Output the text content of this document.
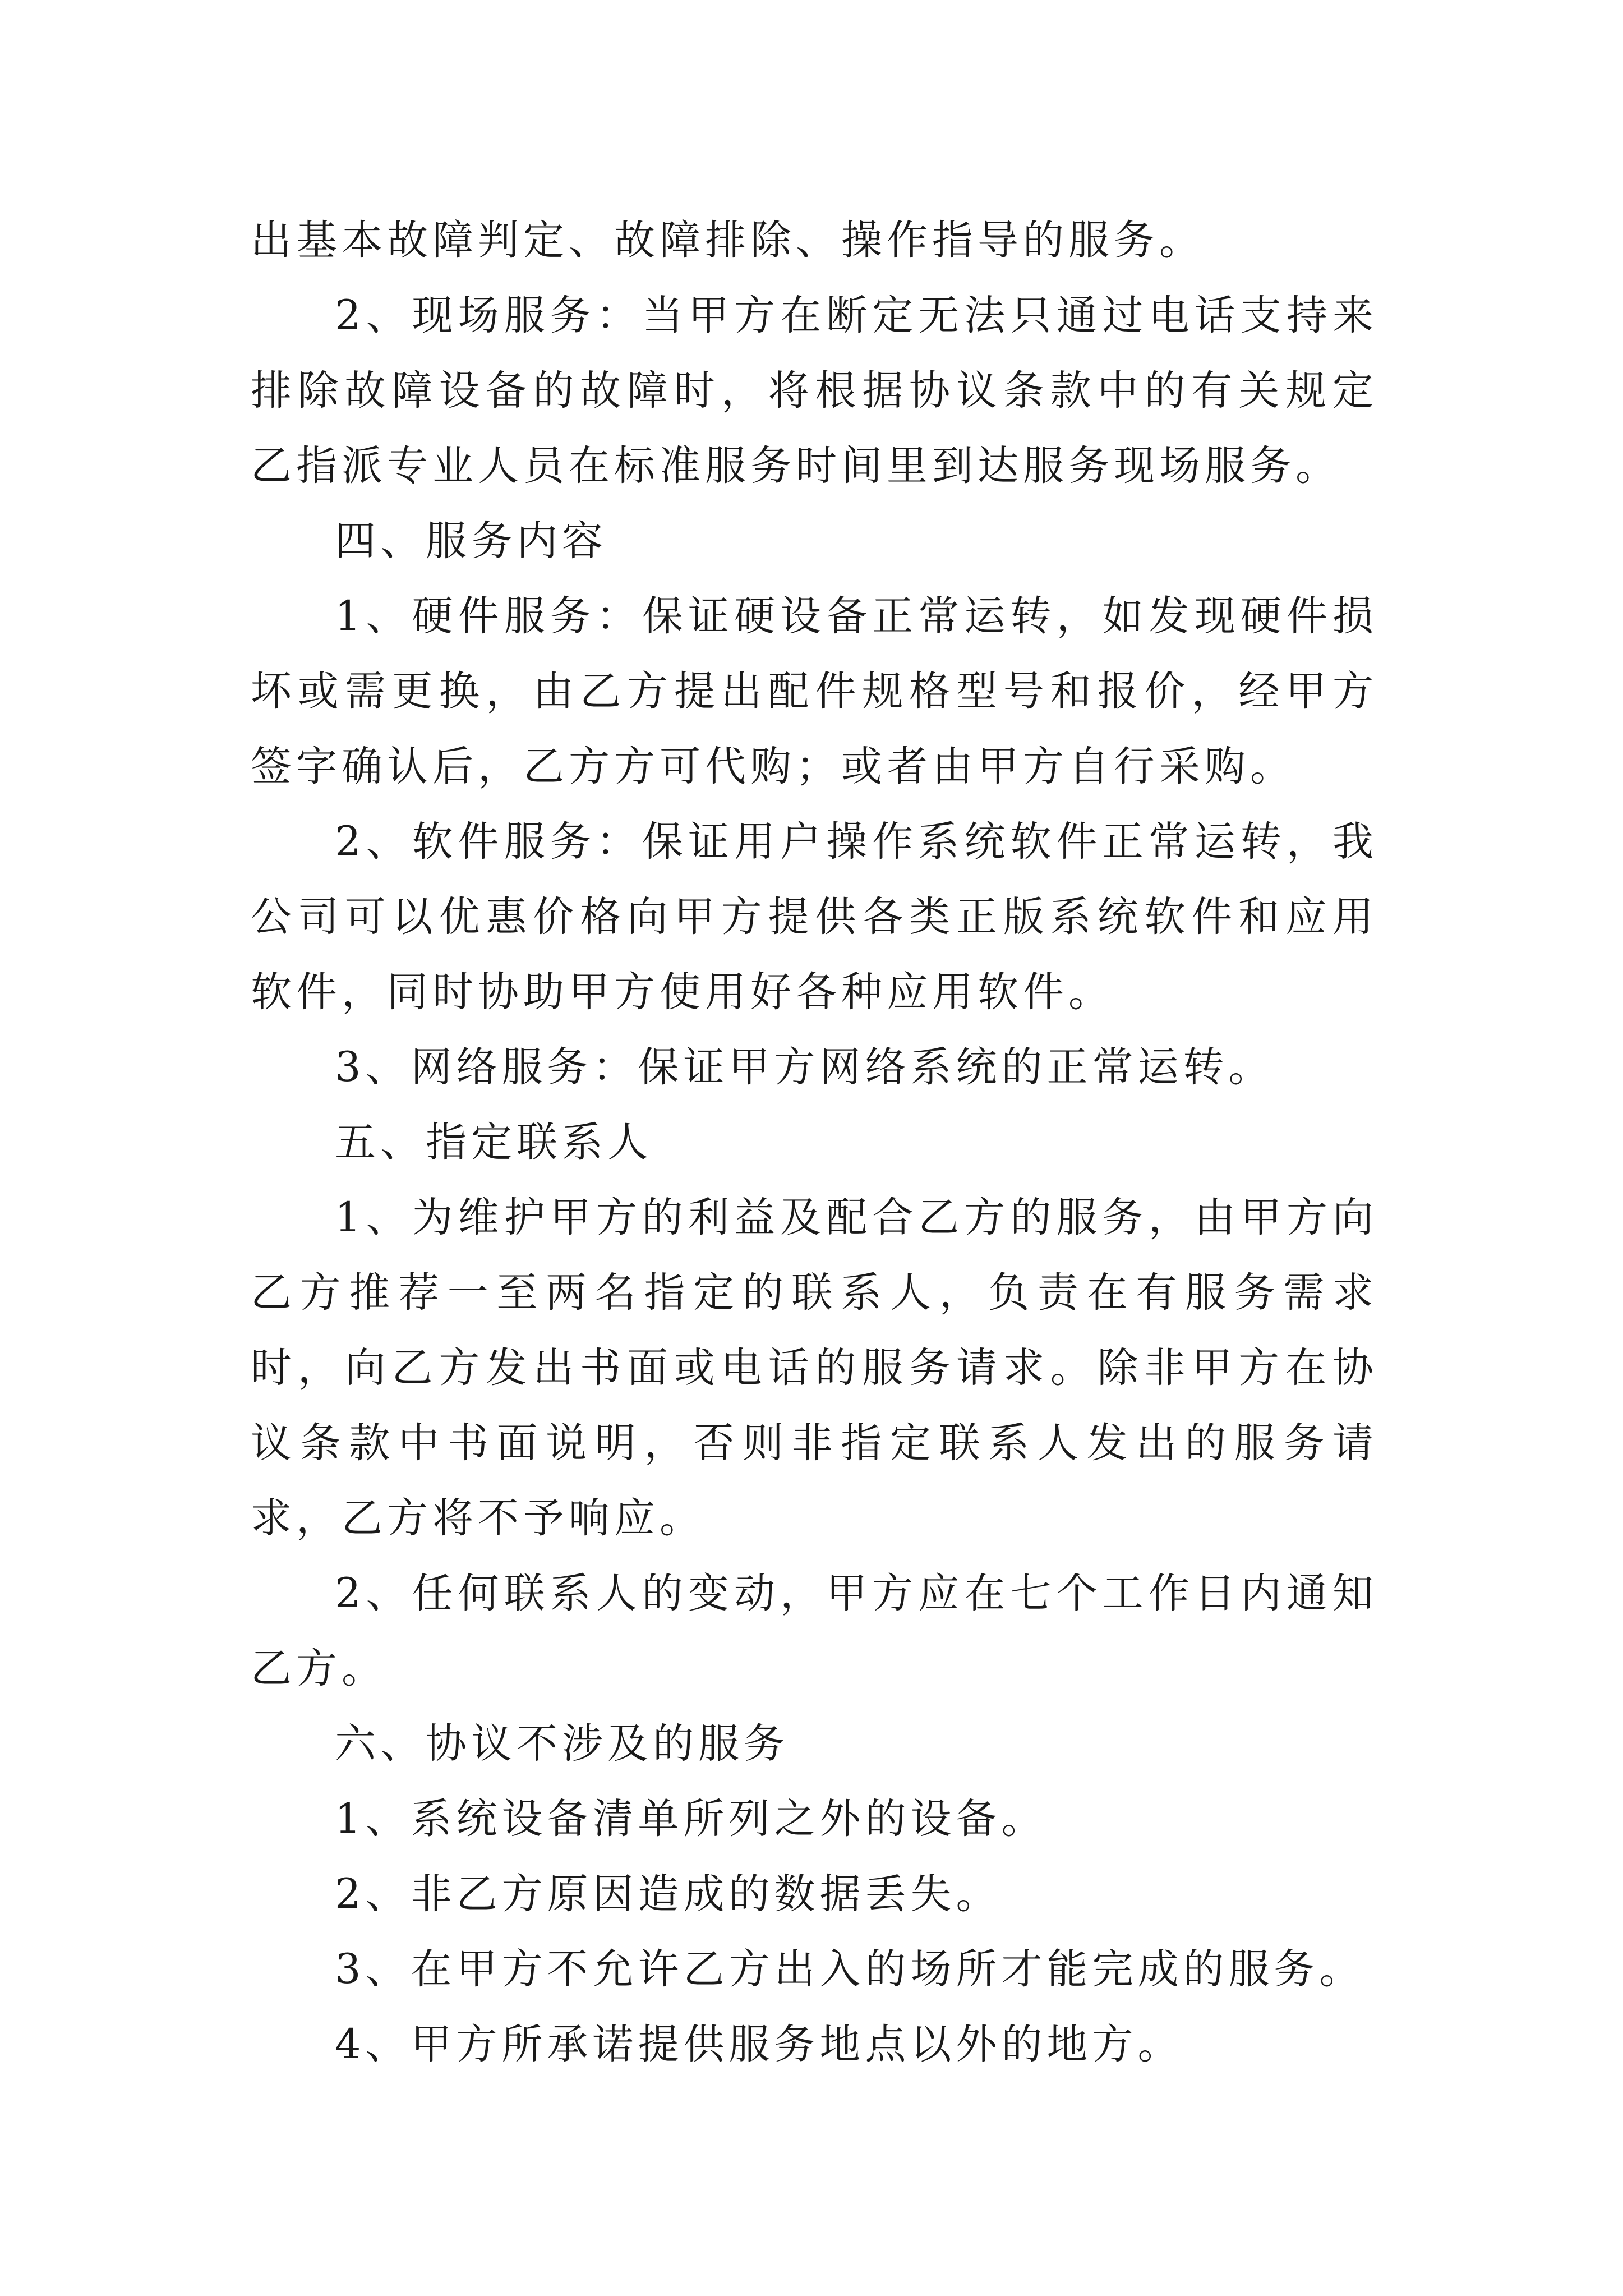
出基本故障判定、故障排除、操作指导的服务。

2、现场服务：当甲方在断定无法只通过电话支持来排除故障设备的故障时，将根据协议条款中的有关规定乙指派专业人员在标准服务时间里到达服务现场服务。

四、服务内容

1、硬件服务：保证硬设备正常运转，如发现硬件损坏或需更换，由乙方提出配件规格型号和报价，经甲方签字确认后，乙方方可代购；或者由甲方自行采购。

2、软件服务：保证用户操作系统软件正常运转，我公司可以优惠价格向甲方提供各类正版系统软件和应用软件，同时协助甲方使用好各种应用软件。

3、网络服务：保证甲方网络系统的正常运转。

五、指定联系人

1、为维护甲方的利益及配合乙方的服务，由甲方向乙方推荐一至两名指定的联系人，负责在有服务需求时，向乙方发出书面或电话的服务请求。除非甲方在协议条款中书面说明，否则非指定联系人发出的服务请求，乙方将不予响应。

2、任何联系人的变动，甲方应在七个工作日内通知乙方。

六、协议不涉及的服务

1、系统设备清单所列之外的设备。

2、非乙方原因造成的数据丢失。

3、在甲方不允许乙方出入的场所才能完成的服务。

4、甲方所承诺提供服务地点以外的地方。
